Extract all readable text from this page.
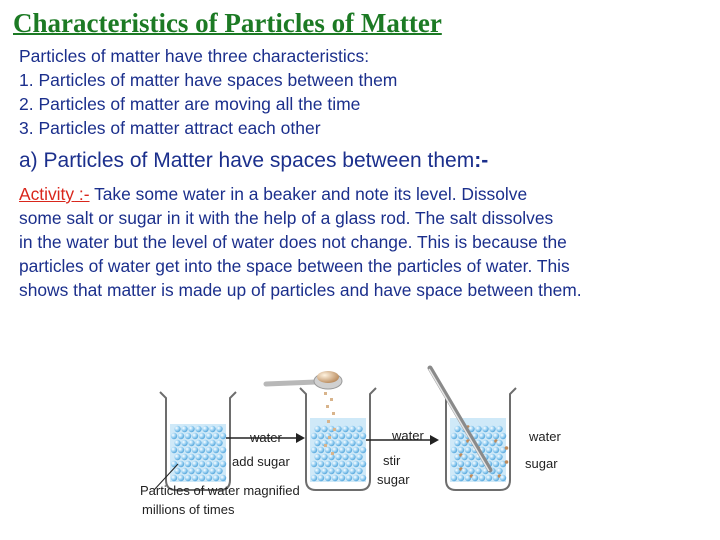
Characteristics of Particles of Matter
Particles of matter have three characteristics:
1. Particles of matter have spaces between them
2. Particles of matter are moving all the time
3. Particles of matter attract each other
a) Particles of Matter have spaces between them:-
Activity :- Take some water in a beaker and note its level. Dissolve
some salt or sugar in it with the help of a glass rod. The salt dissolves
in the water but the level of water does not change. This is because the
particles of water get into the space between the particles of water. This
shows that matter is made up of particles and have space between them.
water
add sugar
water
stir
sugar
water
sugar
Particles of water magnified
millions of times
